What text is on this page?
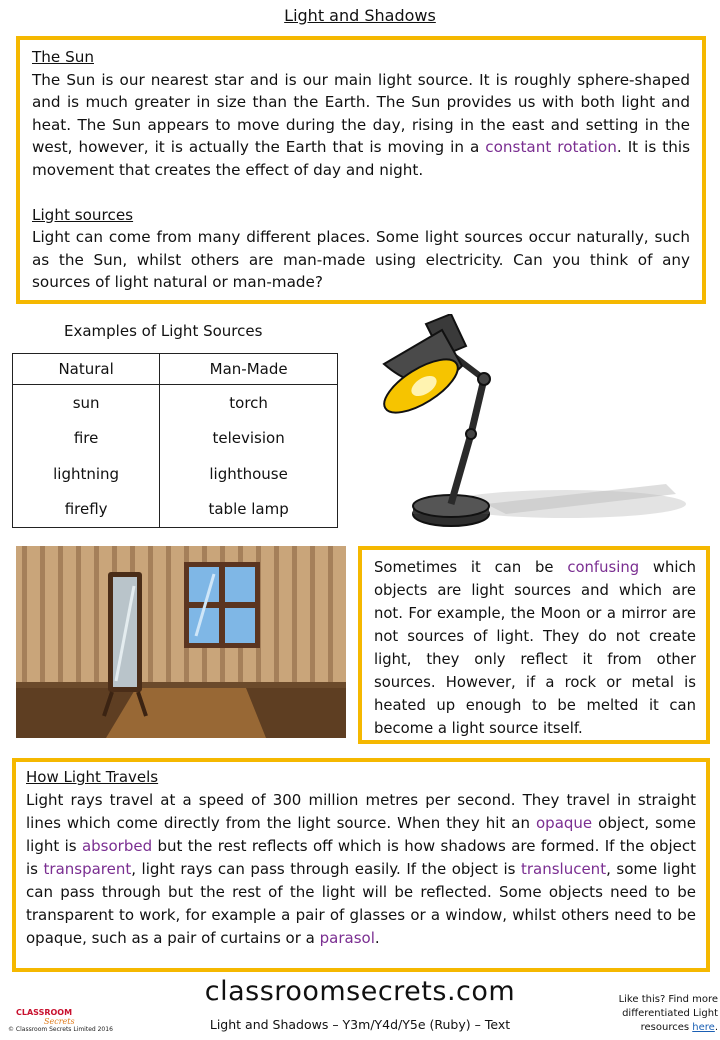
Light and Shadows

The Sun

The Sun is our nearest star and is our main light source. It is roughly sphere-shaped and is much greater in size than the Earth. The Sun provides us with both light and heat. The Sun appears to move during the day, rising in the east and setting in the west, however, it is actually the Earth that is moving in a constant rotation. It is this movement that creates the effect of day and night.

Light sources

Light can come from many different places. Some light sources occur naturally, such as the Sun, whilst others are man-made using electricity. Can you think of any sources of light natural or man-made?

Examples of Light Sources
Natural	Man-Made
sun	torch
fire	television
lightning	lighthouse
firefly	table lamp

Sometimes it can be confusing which objects are light sources and which are not. For example, the Moon or a mirror are not sources of light. They do not create light, they only reflect it from other sources. However, if a rock or metal is heated up enough to be melted it can become a light source itself.

How Light Travels

Light rays travel at a speed of 300 million metres per second. They travel in straight lines which come directly from the light source. When they hit an opaque object, some light is absorbed but the rest reflects off which is how shadows are formed. If the object is transparent, light rays can pass through easily. If the object is translucent, some light can pass through but the rest of the light will be reflected. Some objects need to be transparent to work, for example a pair of glasses or a window, whilst others need to be opaque, such as a pair of curtains or a parasol.

CLASSROOM
Secrets
© Classroom Secrets Limited 2016
classroomsecrets.com
Light and Shadows – Y3m/Y4d/Y5e (Ruby) – Text
Like this? Find more differentiated Light resources here.
